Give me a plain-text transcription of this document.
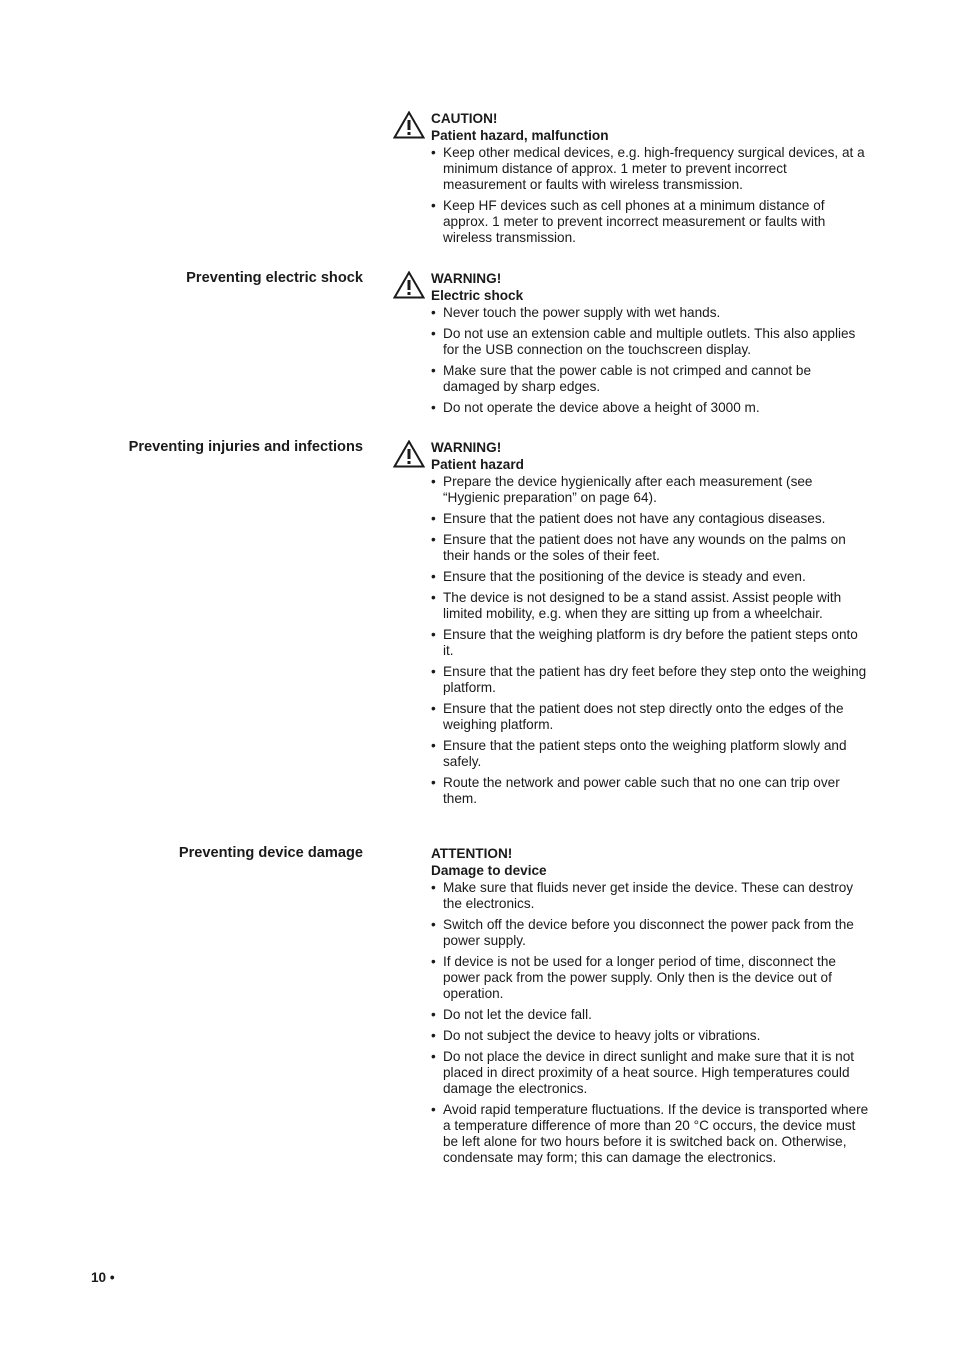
CAUTION!

Patient hazard, malfunction

• Keep other medical devices, e.g. high-frequency surgical devices, at a minimum distance of approx. 1 meter to prevent incorrect measurement or faults with wireless transmission.
• Keep HF devices such as cell phones at a minimum distance of approx. 1 meter to prevent incorrect measurement or faults with wireless transmission.
Preventing electric shock	WARNING!

Electric shock

• Never touch the power supply with wet hands.
• Do not use an extension cable and multiple outlets. This also applies for the USB connection on the touchscreen display.
• Make sure that the power cable is not crimped and cannot be damaged by sharp edges.
• Do not operate the device above a height of 3000 m.
Preventing injuries and infections	WARNING!

Patient hazard

• Prepare the device hygienically after each measurement (see “Hygienic preparation” on page 64).
• Ensure that the patient does not have any contagious diseases.
• Ensure that the patient does not have any wounds on the palms on their hands or the soles of their feet.
• Ensure that the positioning of the device is steady and even.
• The device is not designed to be a stand assist. Assist people with limited mobility, e.g. when they are sitting up from a wheelchair.
• Ensure that the weighing platform is dry before the patient steps onto it.
• Ensure that the patient has dry feet before they step onto the weighing platform.
• Ensure that the patient does not step directly onto the edges of the weighing platform.
• Ensure that the patient steps onto the weighing platform slowly and safely.
• Route the network and power cable such that no one can trip over them.
Preventing device damage	ATTENTION!

Damage to device

• Make sure that fluids never get inside the device. These can destroy the electronics.
• Switch off the device before you disconnect the power pack from the power supply.
• If device is not be used for a longer period of time, disconnect the power pack from the power supply. Only then is the device out of operation.
• Do not let the device fall.
• Do not subject the device to heavy jolts or vibrations.
• Do not place the device in direct sunlight and make sure that it is not placed in direct proximity of a heat source. High temperatures could damage the electronics.
• Avoid rapid temperature fluctuations. If the device is transported where a temperature difference of more than 20 °C occurs, the device must be left alone for two hours before it is switched back on. Otherwise, condensate may form; this can damage the electronics.
10 •
